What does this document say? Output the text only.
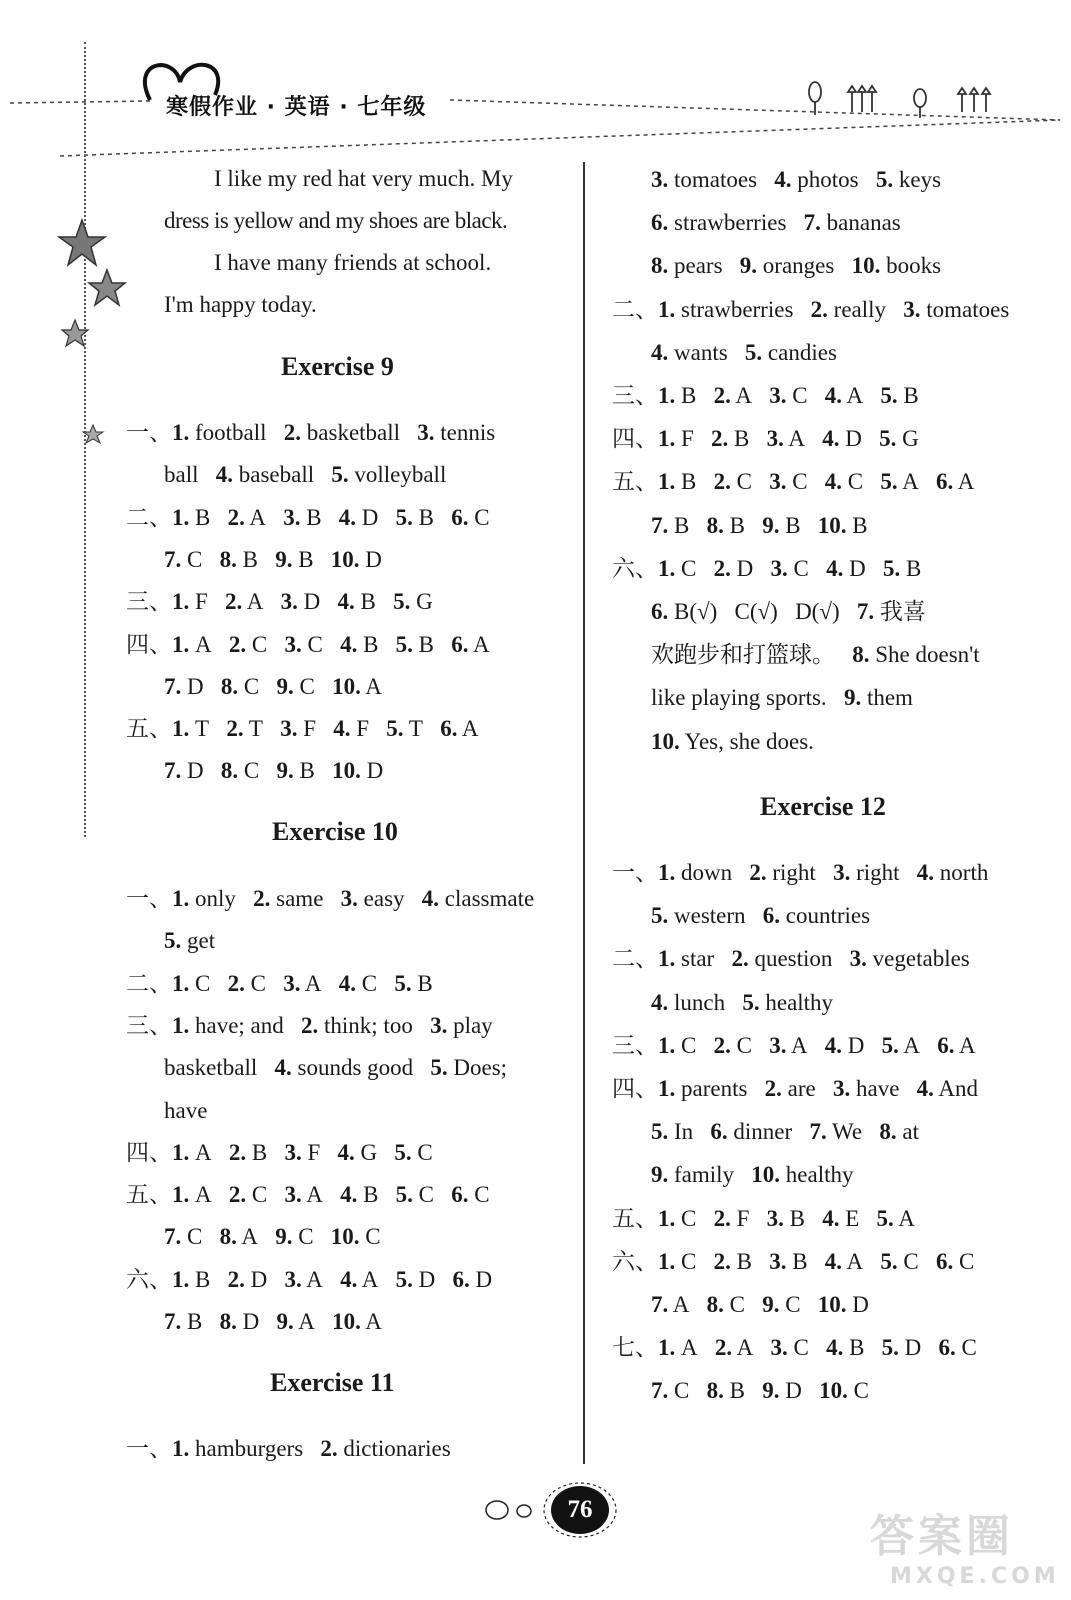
寒假作业 · 英语 · 七年级
I like my red hat very much. My
dress is yellow and my shoes are black.
I have many friends at school.
I'm happy today.
Exercise 9
一、1. football   2. basketball   3. tennis
ball   4. baseball   5. volleyball
二、1. B   2. A   3. B   4. D   5. B   6. C
7. C   8. B   9. B   10. D
三、1. F   2. A   3. D   4. B   5. G
四、1. A   2. C   3. C   4. B   5. B   6. A
7. D   8. C   9. C   10. A
五、1. T   2. T   3. F   4. F   5. T   6. A
7. D   8. C   9. B   10. D
Exercise 10
一、1. only   2. same   3. easy   4. classmate
5. get
二、1. C   2. C   3. A   4. C   5. B
三、1. have; and   2. think; too   3. play
basketball   4. sounds good   5. Does;
have
四、1. A   2. B   3. F   4. G   5. C
五、1. A   2. C   3. A   4. B   5. C   6. C
7. C   8. A   9. C   10. C
六、1. B   2. D   3. A   4. A   5. D   6. D
7. B   8. D   9. A   10. A
Exercise 11
一、1. hamburgers   2. dictionaries
3. tomatoes   4. photos   5. keys
6. strawberries   7. bananas
8. pears   9. oranges   10. books
二、1. strawberries   2. really   3. tomatoes
4. wants   5. candies
三、1. B   2. A   3. C   4. A   5. B
四、1. F   2. B   3. A   4. D   5. G
五、1. B   2. C   3. C   4. C   5. A   6. A
7. B   8. B   9. B   10. B
六、1. C   2. D   3. C   4. D   5. B
6. B(√)   C(√)   D(√)   7. 我喜
欢跑步和打篮球。   8. She doesn't
like playing sports.   9. them
10. Yes, she does.
Exercise 12
一、1. down   2. right   3. right   4. north
5. western   6. countries
二、1. star   2. question   3. vegetables
4. lunch   5. healthy
三、1. C   2. C   3. A   4. D   5. A   6. A
四、1. parents   2. are   3. have   4. And
5. In   6. dinner   7. We   8. at
9. family   10. healthy
五、1. C   2. F   3. B   4. E   5. A
六、1. C   2. B   3. B   4. A   5. C   6. C
7. A   8. C   9. C   10. D
七、1. A   2. A   3. C   4. B   5. D   6. C
7. C   8. B   9. D   10. C
76
答案圈
MXQE.COM
